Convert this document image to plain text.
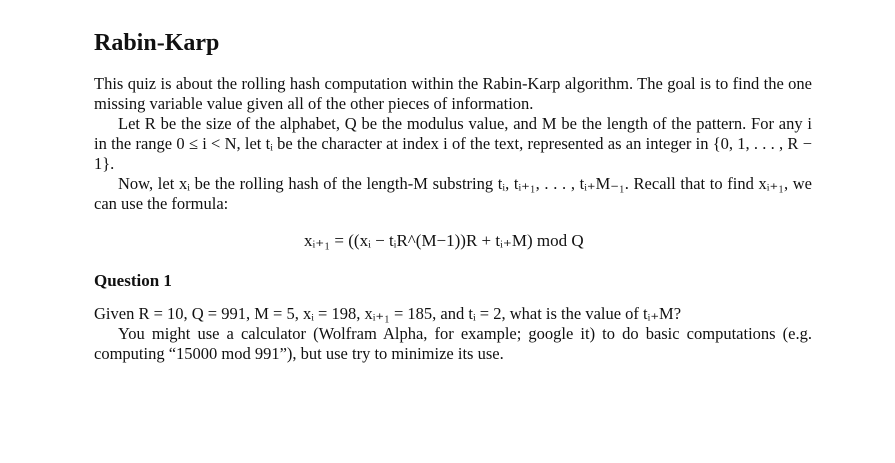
Rabin-Karp

This quiz is about the rolling hash computation within the Rabin-Karp algorithm. The goal is to find the one missing variable value given all of the other pieces of information.

Let R be the size of the alphabet, Q be the modulus value, and M be the length of the pattern. For any i in the range 0 ≤ i < N, let tᵢ be the character at index i of the text, represented as an integer in {0, 1, . . . , R − 1}.

Now, let xᵢ be the rolling hash of the length-M substring tᵢ, tᵢ₊₁, . . . , tᵢ₊M₋₁. Recall that to find xᵢ₊₁, we can use the formula:

xᵢ₊₁ = ((xᵢ − tᵢR^(M−1))R + tᵢ₊M) mod Q
Question 1

Given R = 10, Q = 991, M = 5, xᵢ = 198, xᵢ₊₁ = 185, and tᵢ = 2, what is the value of tᵢ₊M?

You might use a calculator (Wolfram Alpha, for example; google it) to do basic computations (e.g. computing “15000 mod 991”), but use try to minimize its use.
